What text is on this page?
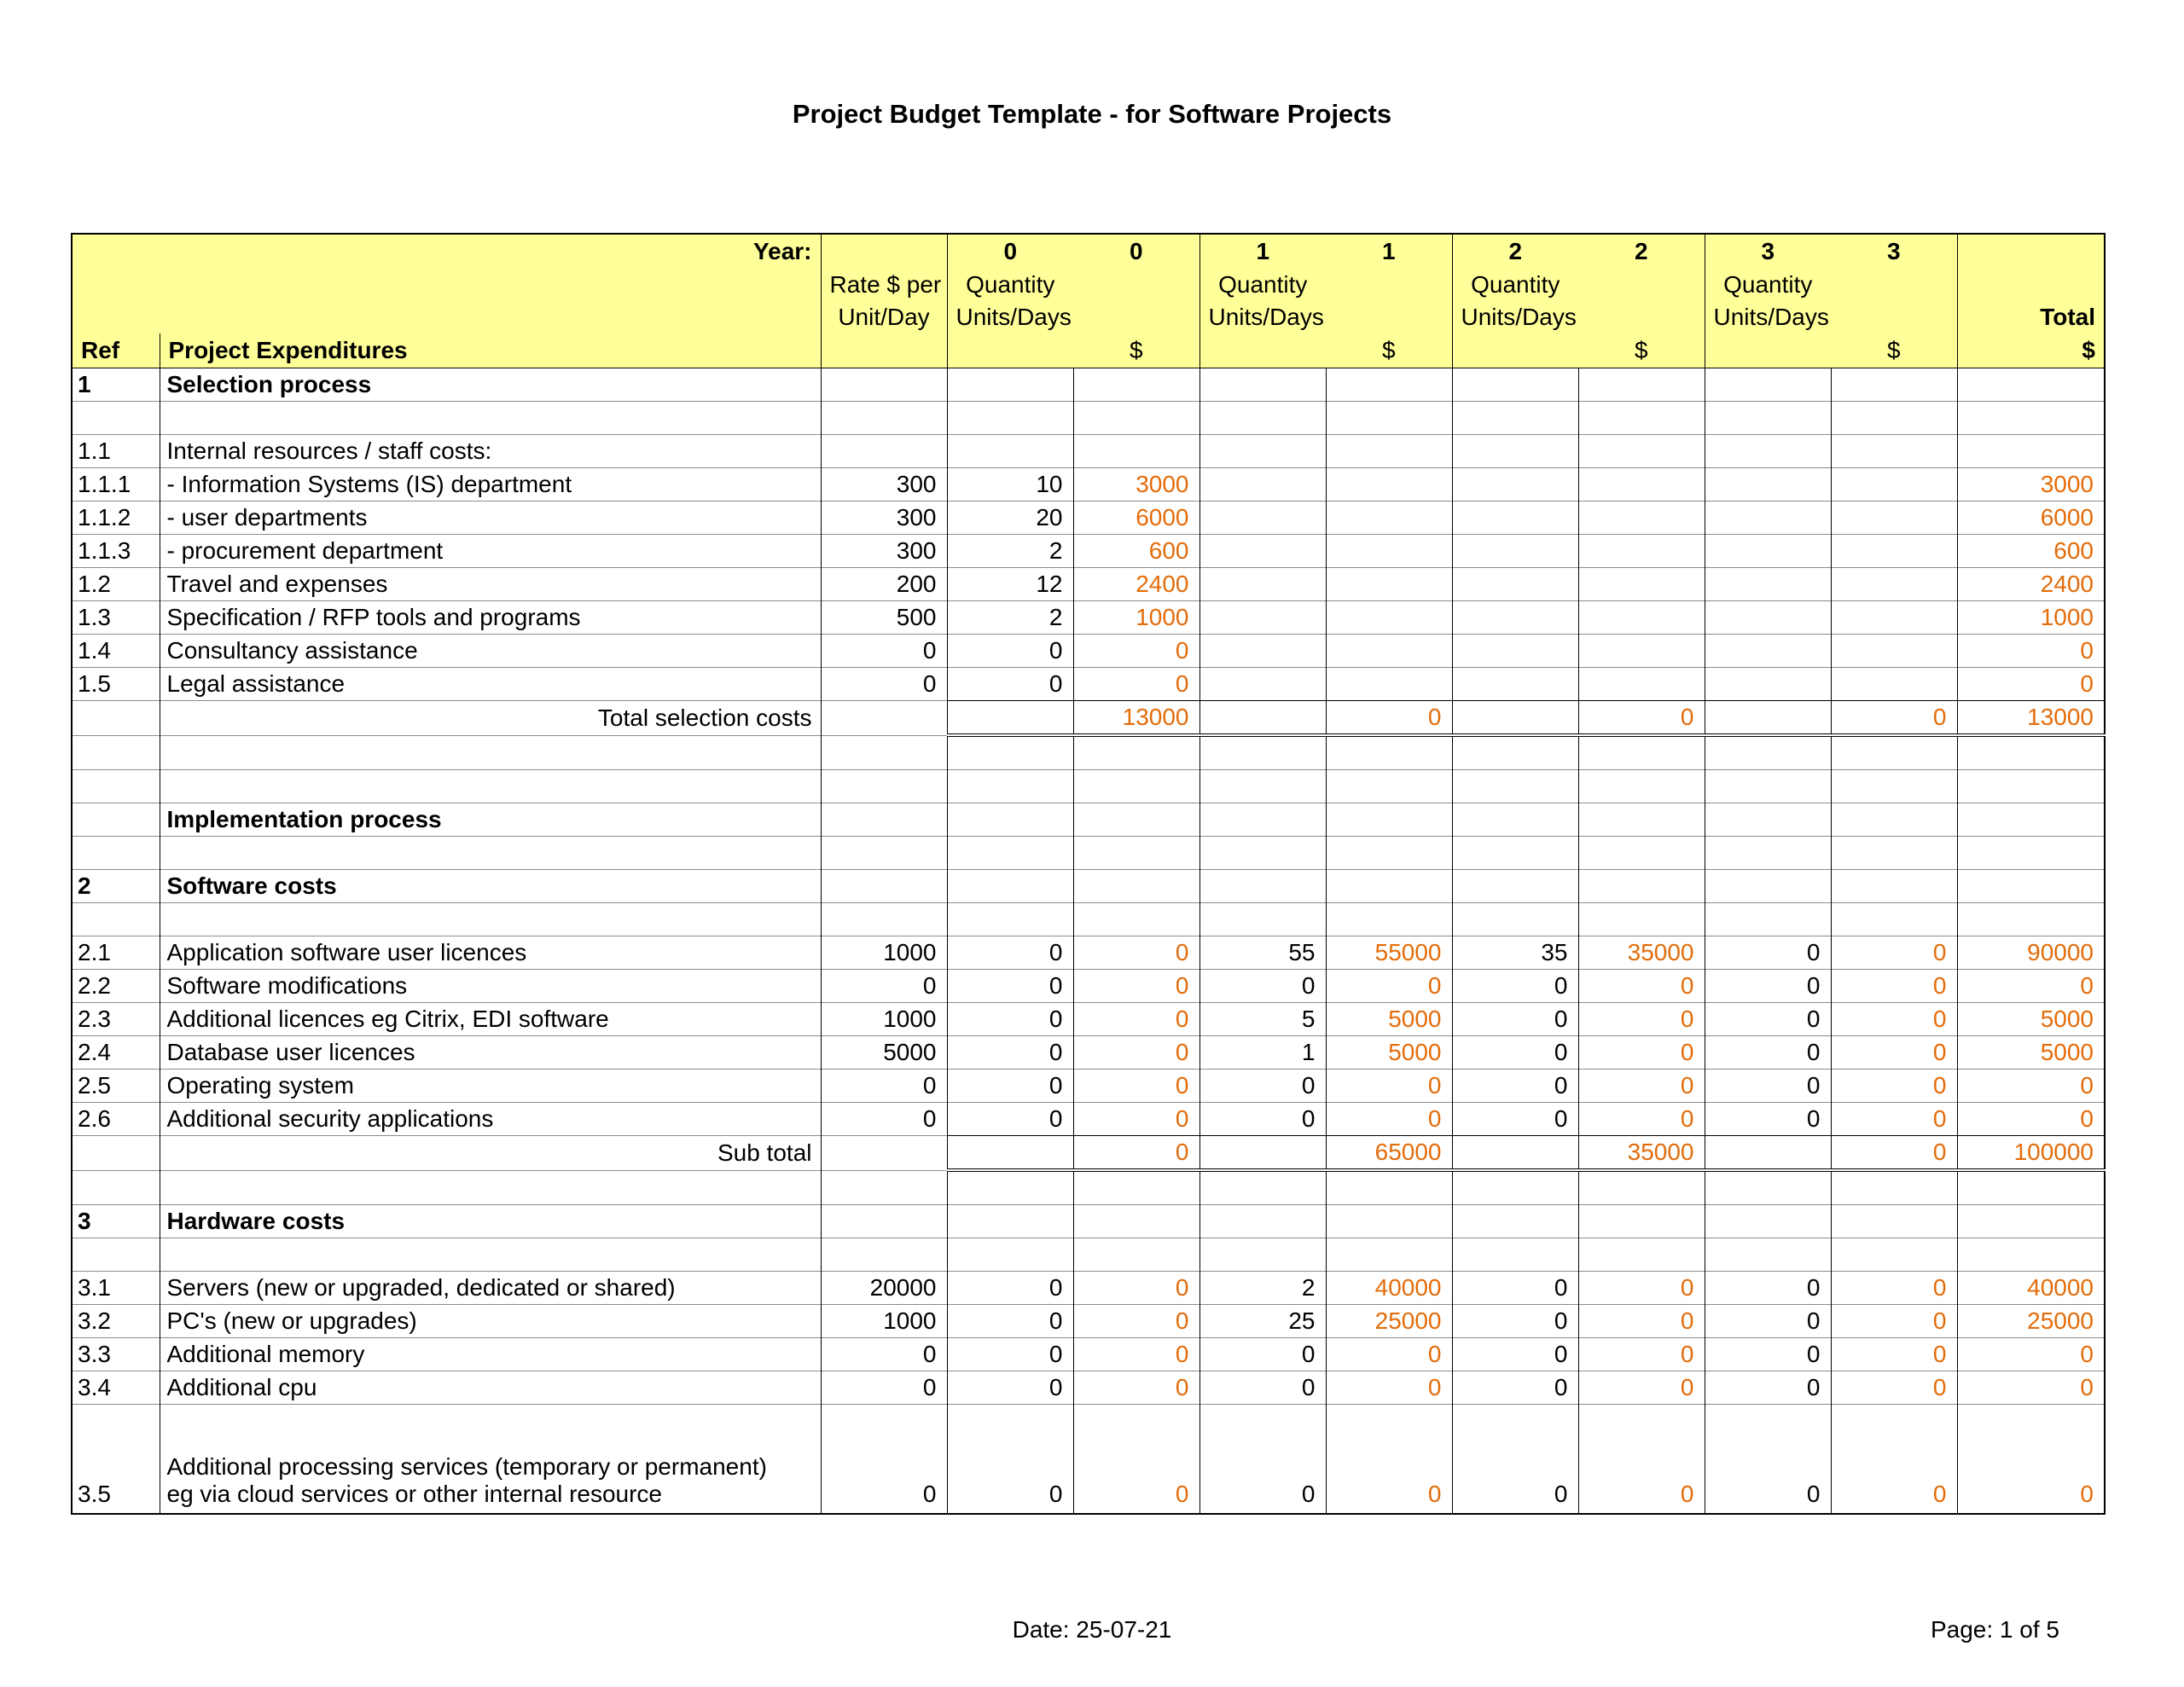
Project Budget Template - for Software Projects
Year:			0	0	1	1	2	2	3	3	
		Rate $ per	Quantity		Quantity		Quantity		Quantity		
		Unit/Day	Units/Days		Units/Days		Units/Days		Units/Days		Total
Ref	Project Expenditures			$		$		$		$	$
1	Selection process										

1.1	Internal resources / staff costs:										
1.1.1	- Information Systems (IS) department	300	10	3000							3000
1.1.2	- user departments	300	20	6000							6000
1.1.3	- procurement department	300	2	600							600
1.2	Travel and expenses	200	12	2400							2400
1.3	Specification / RFP tools and programs	500	2	1000							1000
1.4	Consultancy assistance	0	0	0							0
1.5	Legal assistance	0	0	0							0
	Total selection costs			13000		0		0		0	13000

	Implementation process										

2	Software costs										

2.1	Application software user licences	1000	0	0	55	55000	35	35000	0	0	90000
2.2	Software modifications	0	0	0	0	0	0	0	0	0	0
2.3	Additional licences eg Citrix, EDI software	1000	0	0	5	5000	0	0	0	0	5000
2.4	Database user licences	5000	0	0	1	5000	0	0	0	0	5000
2.5	Operating system	0	0	0	0	0	0	0	0	0	0
2.6	Additional security applications	0	0	0	0	0	0	0	0	0	0
	Sub total			0		65000		35000		0	100000

3	Hardware costs										

3.1	Servers (new or upgraded, dedicated or shared)	20000	0	0	2	40000	0	0	0	0	40000
3.2	PC's (new or upgrades)	1000	0	0	25	25000	0	0	0	0	25000
3.3	Additional memory	0	0	0	0	0	0	0	0	0	0
3.4	Additional cpu	0	0	0	0	0	0	0	0	0	0
3.5	Additional processing services (temporary or permanent)
eg via cloud services or other internal resource	0	0	0	0	0	0	0	0	0	0
Date: 25-07-21	Page: 1 of 5
